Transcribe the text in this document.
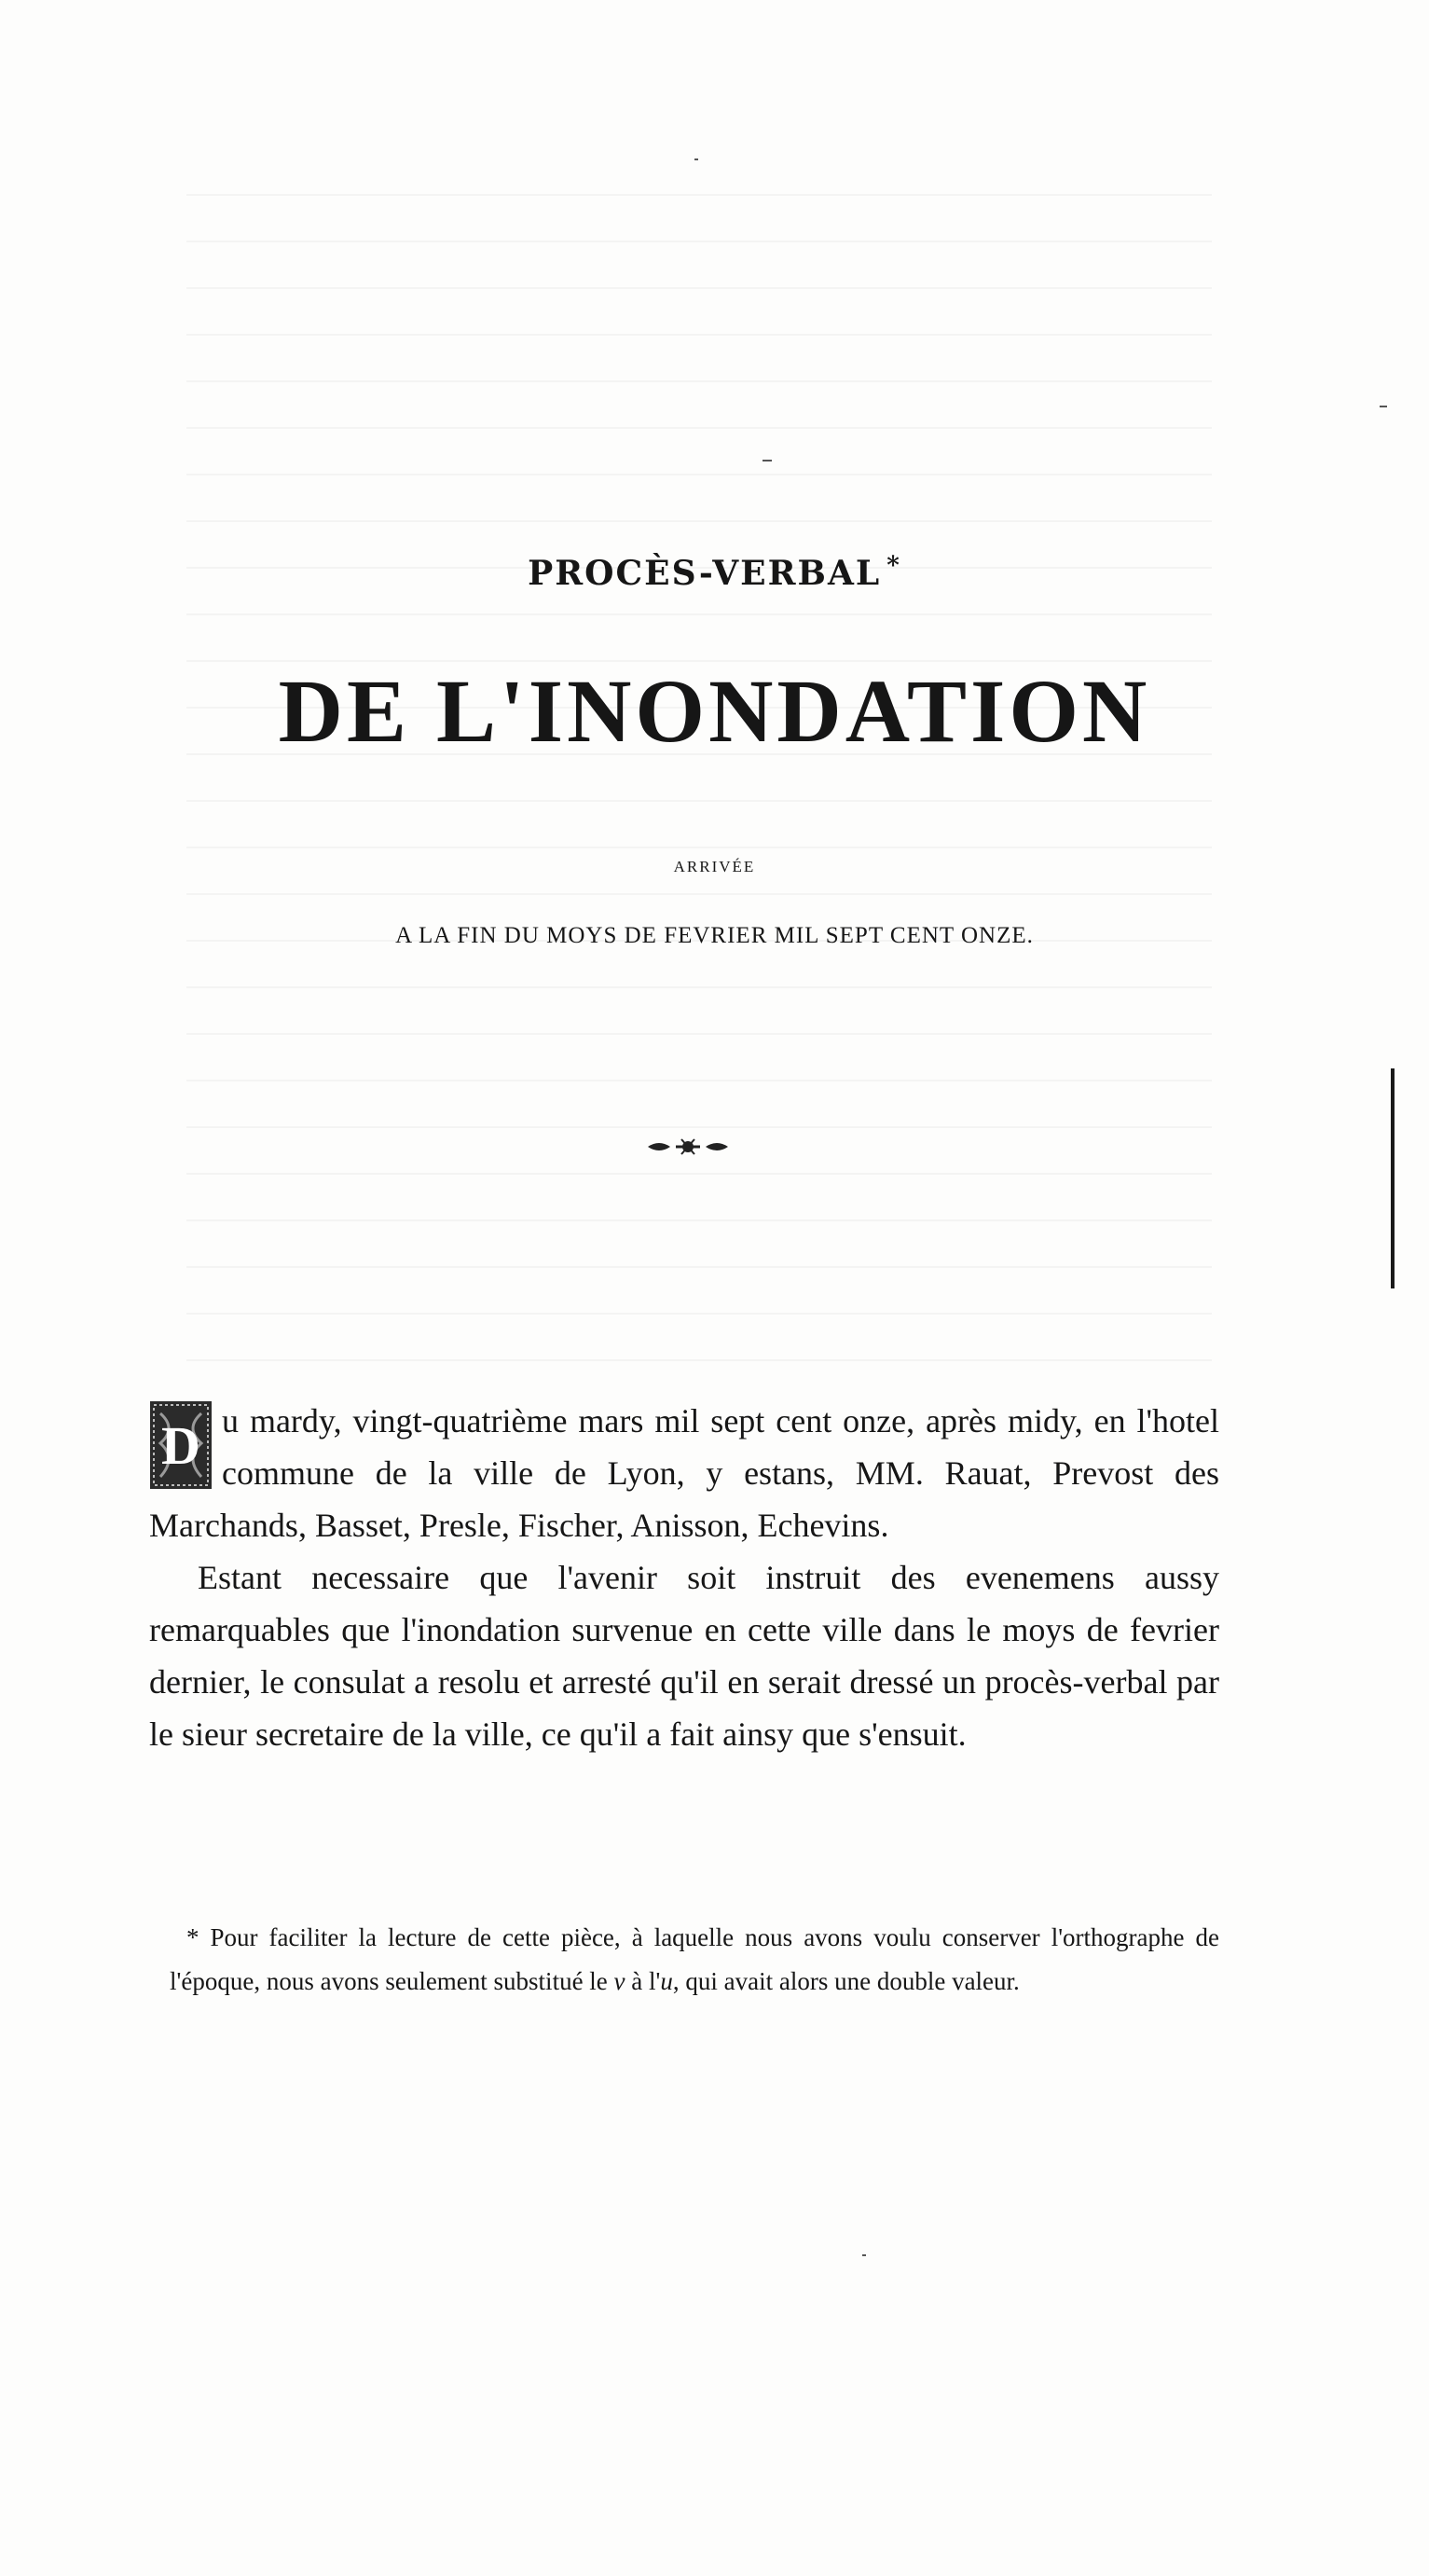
PROCÈS-VERBAL *
DE L'INONDATION
ARRIVÉE
A LA FIN DU MOYS DE FEVRIER MIL SEPT CENT ONZE.

D u mardy, vingt-quatrième mars mil sept cent onze, après midy, en l'hotel commune de la ville de Lyon, y estans, MM. Rauat, Prevost des Marchands, Basset, Presle, Fischer, Anisson, Echevins.

Estant necessaire que l'avenir soit instruit des evenemens aussy remarquables que l'inondation survenue en cette ville dans le moys de fevrier dernier, le consulat a resolu et arresté qu'il en serait dressé un procès-verbal par le sieur secretaire de la ville, ce qu'il a fait ainsy que s'ensuit.

* Pour faciliter la lecture de cette pièce, à laquelle nous avons voulu conserver l'orthographe de l'époque, nous avons seulement substitué le v à l'u, qui avait alors une double valeur.
